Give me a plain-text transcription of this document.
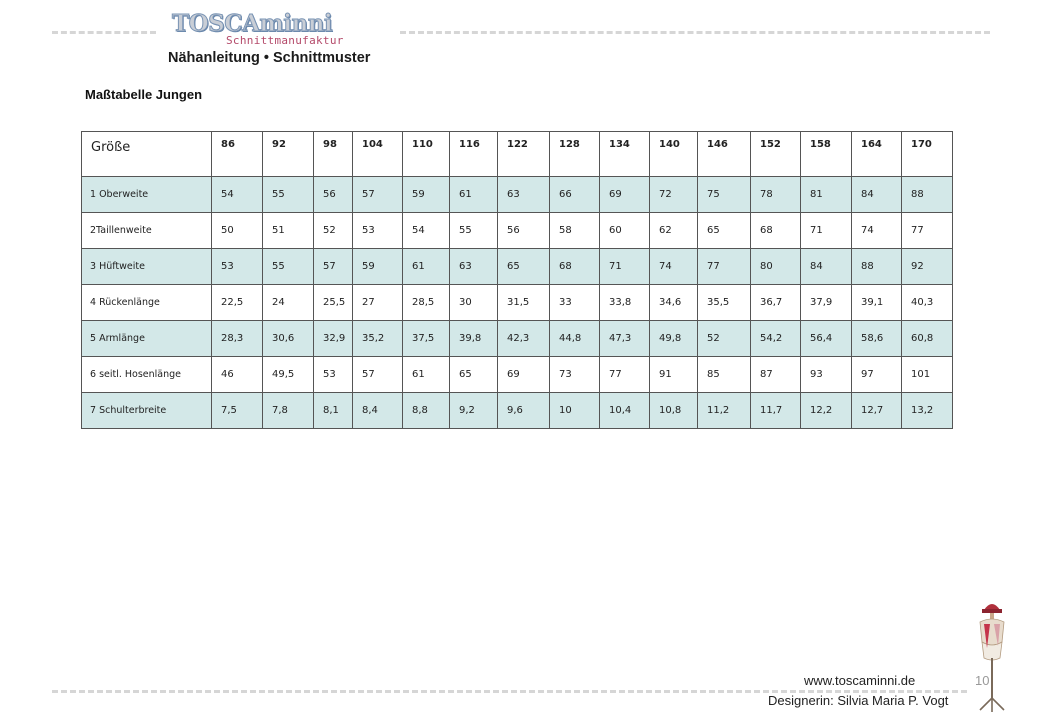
TOSCAminni
Schnittmanufaktur
Nähanleitung • Schnittmuster
Maßtabelle Jungen
Größe	86	92	98	104	110	116	122	128	134	140	146	152	158	164	170
1 Oberweite	54	55	56	57	59	61	63	66	69	72	75	78	81	84	88
2Taillenweite	50	51	52	53	54	55	56	58	60	62	65	68	71	74	77
3 Hüftweite	53	55	57	59	61	63	65	68	71	74	77	80	84	88	92
4 Rückenlänge	22,5	24	25,5	27	28,5	30	31,5	33	33,8	34,6	35,5	36,7	37,9	39,1	40,3
5 Armlänge	28,3	30,6	32,9	35,2	37,5	39,8	42,3	44,8	47,3	49,8	52	54,2	56,4	58,6	60,8
6 seitl. Hosenlänge	46	49,5	53	57	61	65	69	73	77	91	85	87	93	97	101
7 Schulterbreite	7,5	7,8	8,1	8,4	8,8	9,2	9,6	10	10,4	10,8	11,2	11,7	12,2	12,7	13,2
www.toscaminni.de	10
Designerin: Silvia Maria P. Vogt
